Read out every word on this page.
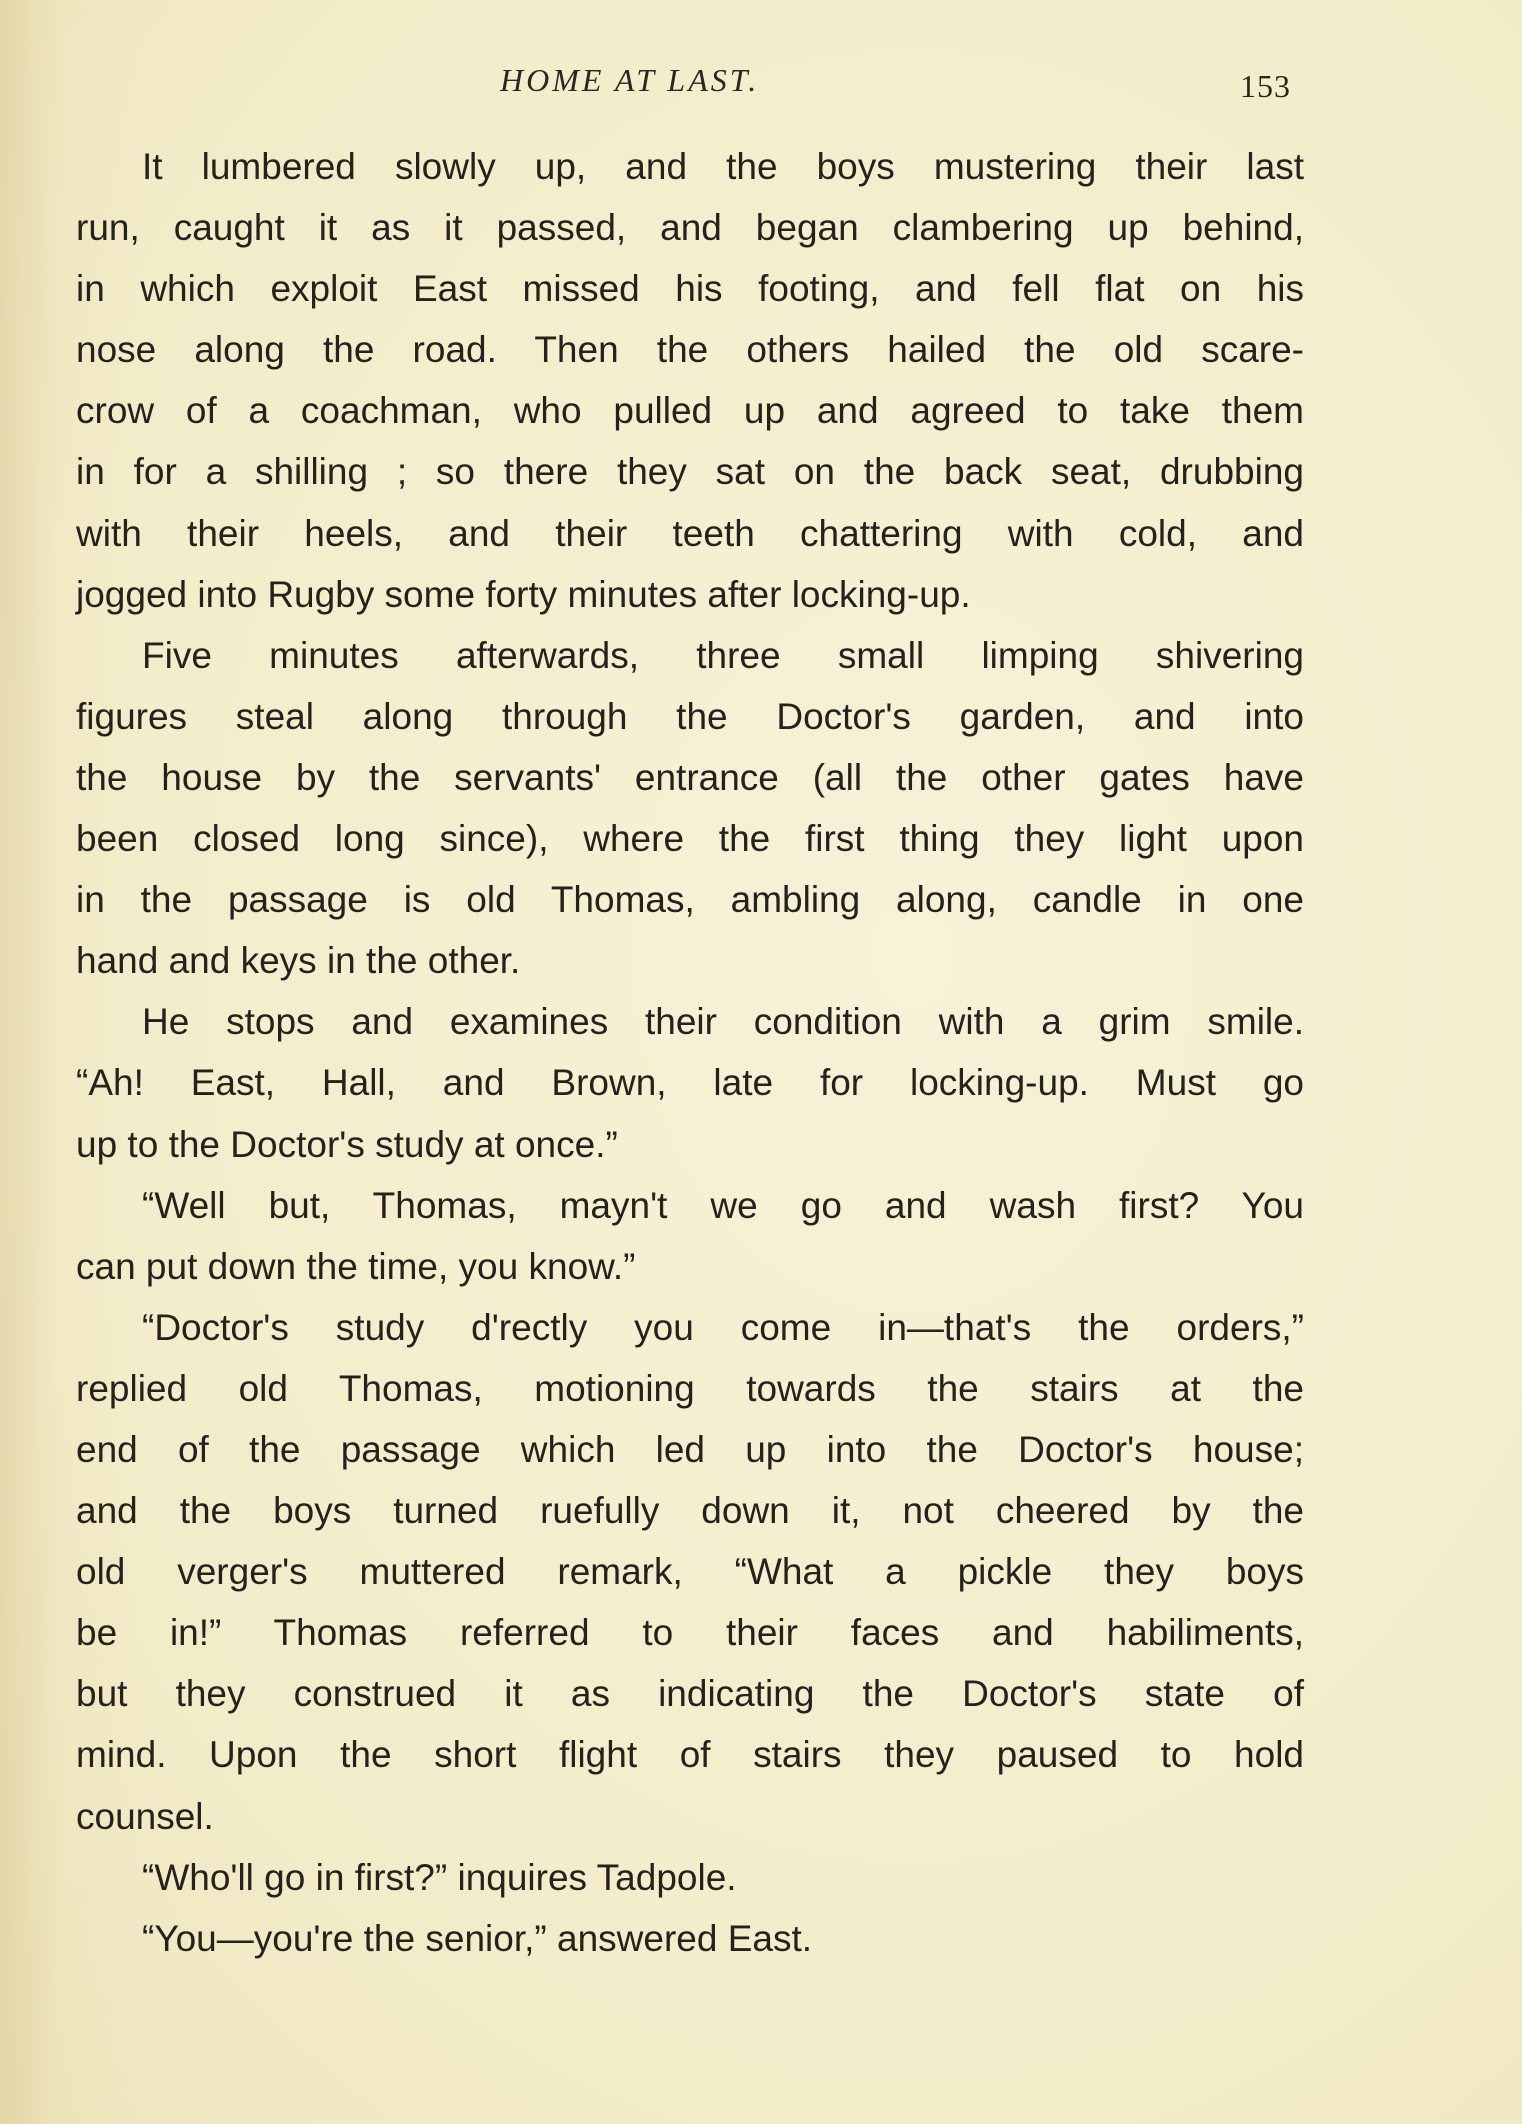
HOME AT LAST.	153
It lumbered slowly up, and the boys mustering their last
run, caught it as it passed, and began clambering up behind,
in which exploit East missed his footing, and fell flat on his
nose along the road. Then the others hailed the old scare-
crow of a coachman, who pulled up and agreed to take them
in for a shilling ; so there they sat on the back seat, drubbing
with their heels, and their teeth chattering with cold, and
jogged into Rugby some forty minutes after locking-up.
Five minutes afterwards, three small limping shivering
figures steal along through the Doctor's garden, and into
the house by the servants' entrance (all the other gates have
been closed long since), where the first thing they light upon
in the passage is old Thomas, ambling along, candle in one
hand and keys in the other.
He stops and examines their condition with a grim smile.
“Ah! East, Hall, and Brown, late for locking-up. Must go
up to the Doctor's study at once.”
“Well but, Thomas, mayn't we go and wash first? You
can put down the time, you know.”
“Doctor's study d'rectly you come in—that's the orders,”
replied old Thomas, motioning towards the stairs at the
end of the passage which led up into the Doctor's house;
and the boys turned ruefully down it, not cheered by the
old verger's muttered remark, “What a pickle they boys
be in!” Thomas referred to their faces and habiliments,
but they construed it as indicating the Doctor's state of
mind. Upon the short flight of stairs they paused to hold
counsel.
“Who'll go in first?” inquires Tadpole.
“You—you're the senior,” answered East.
